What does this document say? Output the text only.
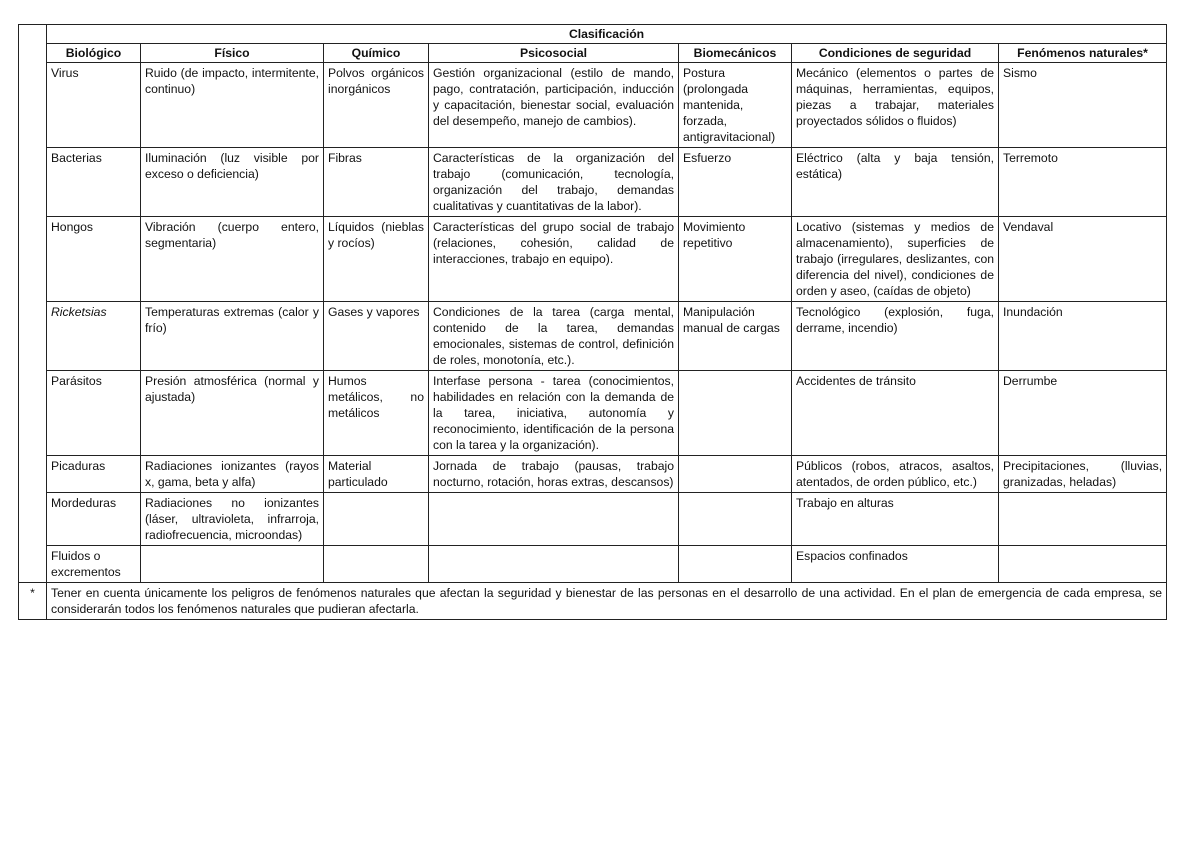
	Clasificación						
	Biológico	Físico	Químico	Psicosocial	Biomecánicos	Condiciones de seguridad	Fenómenos naturales*
	Virus	Ruido (de impacto, intermitente, continuo)	Polvos orgánicos inorgánicos	Gestión organizacional (estilo de mando, pago, contratación, participación, inducción y capacitación, bienestar social, evaluación del desempeño, manejo de cambios).	Postura (prolongada mantenida, forzada, antigravitacional)	Mecánico (elementos o partes de máquinas, herramientas, equipos, piezas a trabajar, materiales proyectados sólidos o fluidos)	Sismo
	Bacterias	Iluminación (luz visible por exceso o deficiencia)	Fibras	Características de la organización del trabajo (comunicación, tecnología, organización del trabajo, demandas cualitativas y cuantitativas de la labor).	Esfuerzo	Eléctrico (alta y baja tensión, estática)	Terremoto
	Hongos	Vibración (cuerpo entero, segmentaria)	Líquidos (nieblas y rocíos)	Características del grupo social de trabajo (relaciones, cohesión, calidad de interacciones, trabajo en equipo).	Movimiento repetitivo	Locativo (sistemas y medios de almacenamiento), superficies de trabajo (irregulares, deslizantes, con diferencia del nivel), condiciones de orden y aseo, (caídas de objeto)	Vendaval
	Ricketsias	Temperaturas extremas (calor y frío)	Gases y vapores	Condiciones de la tarea (carga mental, contenido de la tarea, demandas emocionales, sistemas de control, definición de roles, monotonía, etc.).	Manipulación manual de cargas	Tecnológico (explosión, fuga, derrame, incendio)	Inundación
	Parásitos	Presión atmosférica (normal y ajustada)	Humos metálicos, no metálicos	Interfase persona - tarea (conocimientos, habilidades en relación con la demanda de la tarea, iniciativa, autonomía y reconocimiento, identificación de la persona con la tarea y la organización).		Accidentes de tránsito	Derrumbe
	Picaduras	Radiaciones ionizantes (rayos x, gama, beta y alfa)	Material particulado	Jornada de trabajo (pausas, trabajo nocturno, rotación, horas extras, descansos)		Públicos (robos, atracos, asaltos, atentados, de orden público, etc.)	Precipitaciones, (lluvias, granizadas, heladas)
	Mordeduras	Radiaciones no ionizantes (láser, ultravioleta, infrarroja, radiofrecuencia, microondas)				Trabajo en alturas	
	Fluidos o excrementos					Espacios confinados	
*	Tener en cuenta únicamente los peligros de fenómenos naturales que afectan la seguridad y bienestar de las personas en el desarrollo de una actividad. En el plan de emergencia de cada empresa, se considerarán todos los fenómenos naturales que pudieran afectarla.						
